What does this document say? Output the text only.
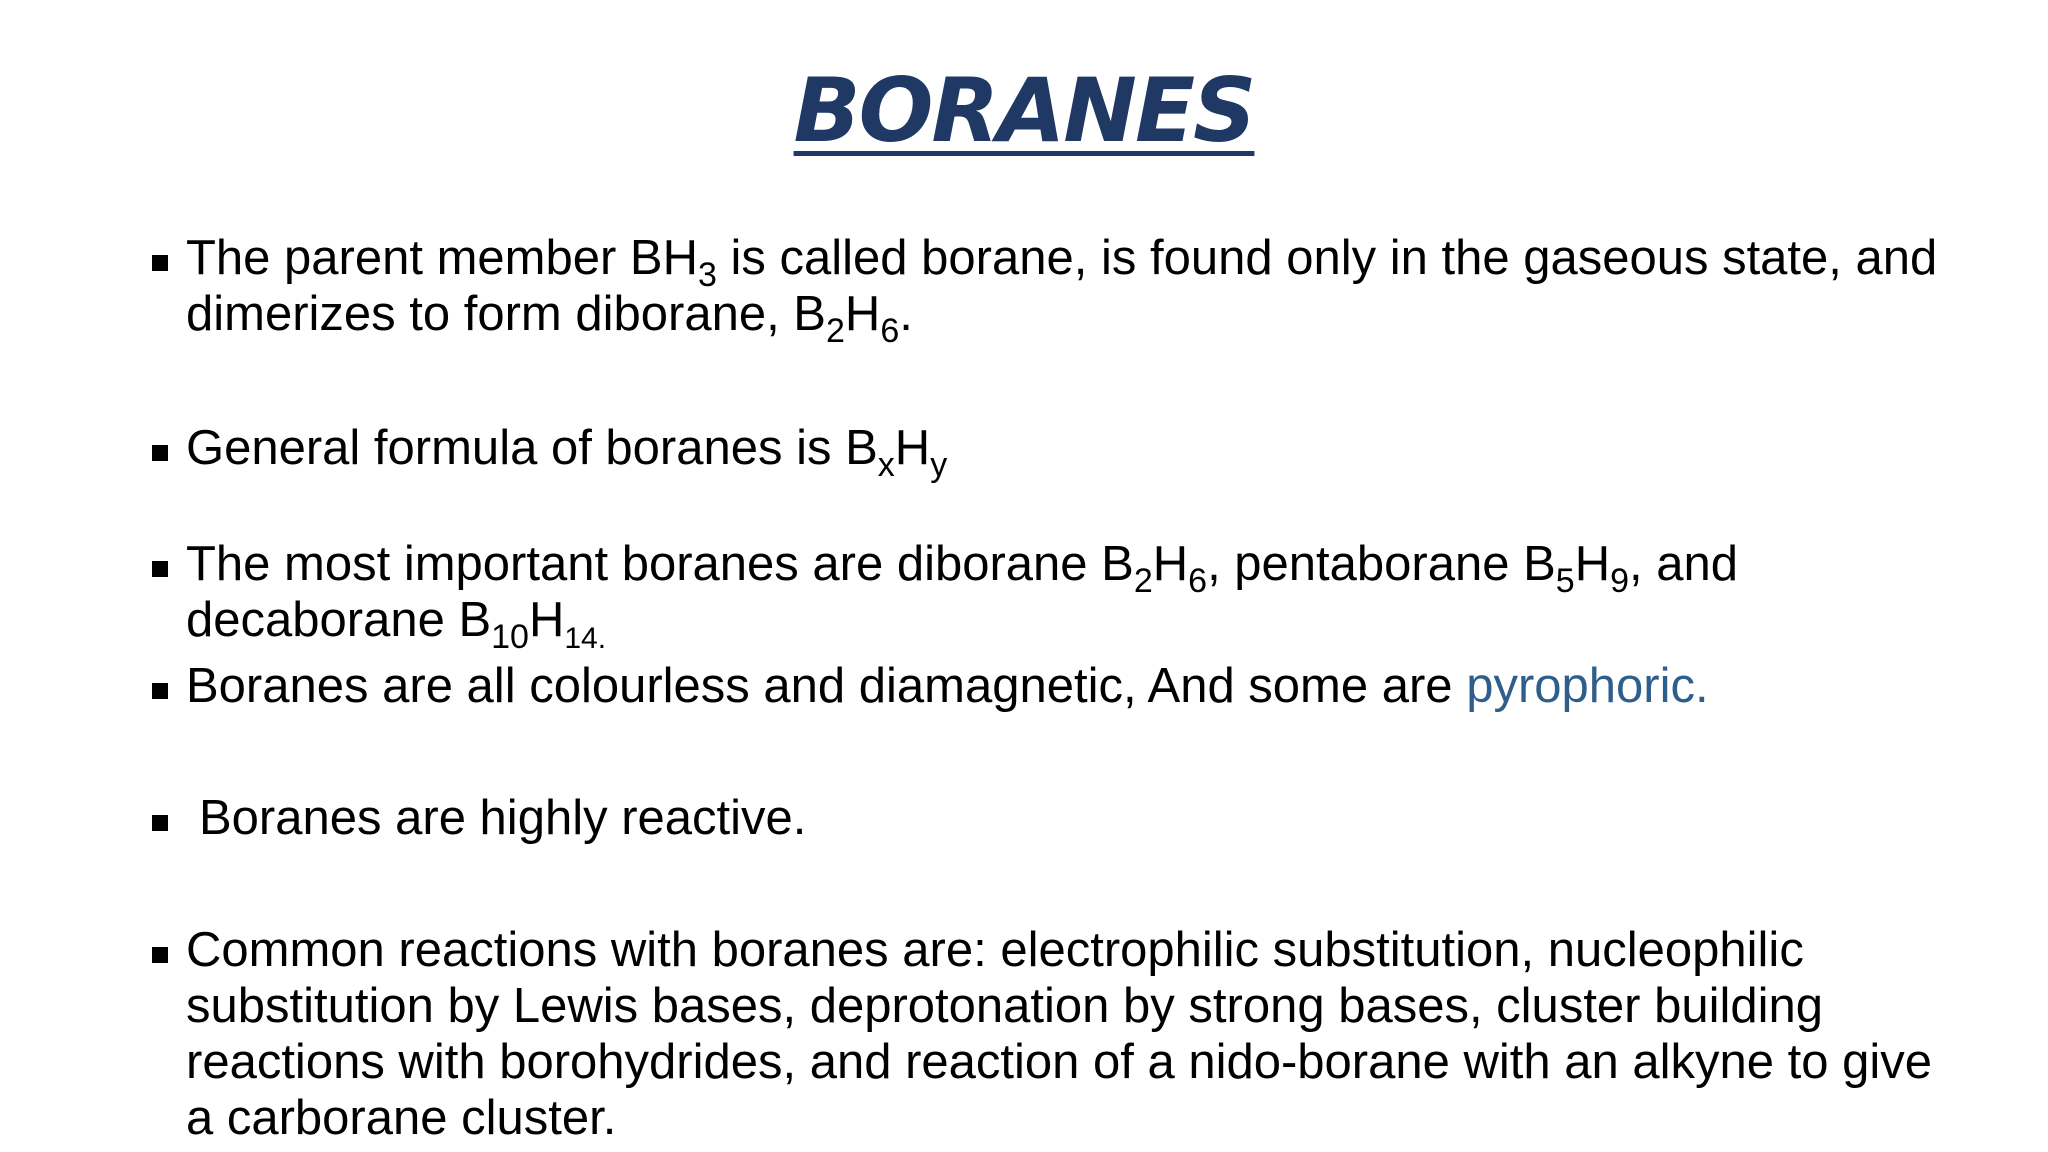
BORANES

The parent member $BH_3$ is called borane, is found only in the gaseous state, and dimerizes to form diborane, $B_2H_6$.

General formula of boranes is $B_xH_y$

The most important boranes are diborane $B_2H_6$, pentaborane $B_5H_9$, and decaborane $B_{10}H_{14.}$

Boranes are all colourless and diamagnetic, And some are pyrophoric.

Boranes are highly reactive.

Common reactions with boranes are: electrophilic substitution, nucleophilic substitution by Lewis bases, deprotonation by strong bases, cluster building reactions with borohydrides, and reaction of a nido-borane with an alkyne to give a carborane cluster.
